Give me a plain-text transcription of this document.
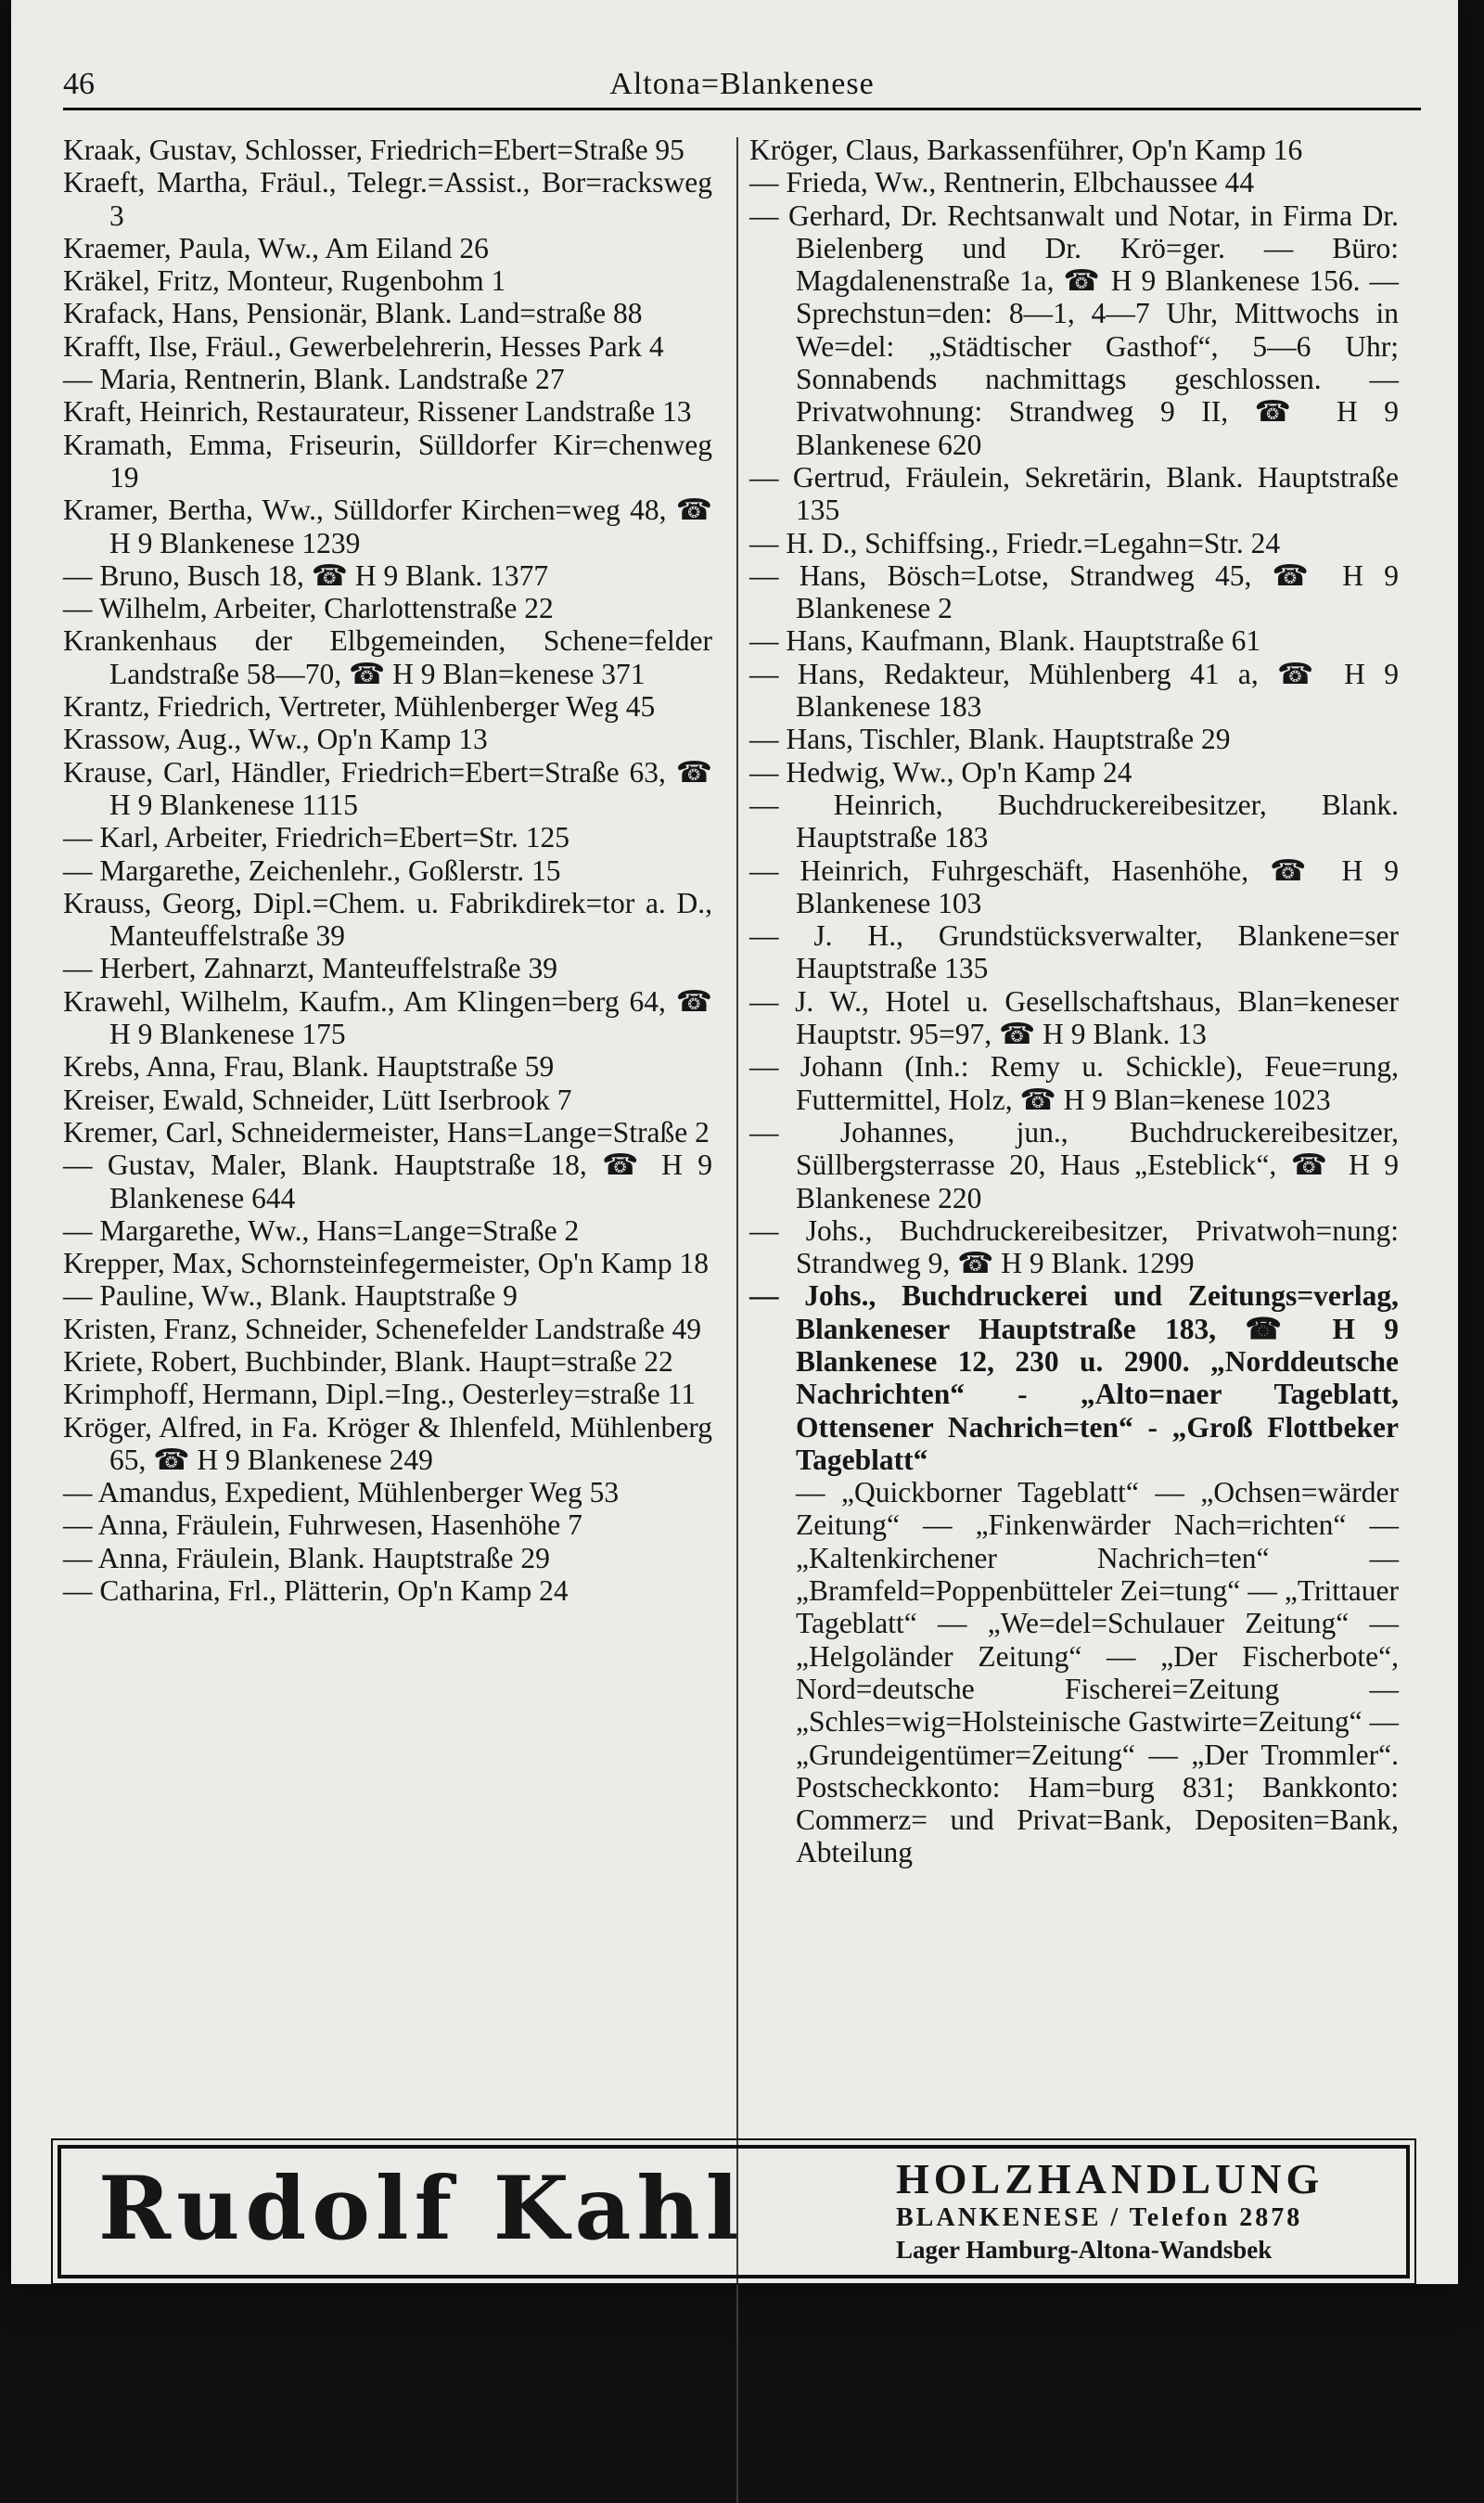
46	Altona=Blankenese

Kraak, Gustav, Schlosser, Friedrich=Ebert=Straße 95

Kraeft, Martha, Fräul., Telegr.=Assist., Bor=racksweg 3

Kraemer, Paula, Ww., Am Eiland 26

Kräkel, Fritz, Monteur, Rugenbohm 1

Krafack, Hans, Pensionär, Blank. Land=straße 88

Krafft, Ilse, Fräul., Gewerbelehrerin, Hesses Park 4

— Maria, Rentnerin, Blank. Landstraße 27

Kraft, Heinrich, Restaurateur, Rissener Landstraße 13

Kramath, Emma, Friseurin, Sülldorfer Kir=chenweg 19

Kramer, Bertha, Ww., Sülldorfer Kirchen=weg 48, ☎ H 9 Blankenese 1239

— Bruno, Busch 18, ☎ H 9 Blank. 1377

— Wilhelm, Arbeiter, Charlottenstraße 22

Krankenhaus der Elbgemeinden, Schene=felder Landstraße 58—70, ☎ H 9 Blan=kenese 371

Krantz, Friedrich, Vertreter, Mühlenberger Weg 45

Krassow, Aug., Ww., Op'n Kamp 13

Krause, Carl, Händler, Friedrich=Ebert=Straße 63, ☎ H 9 Blankenese 1115

— Karl, Arbeiter, Friedrich=Ebert=Str. 125

— Margarethe, Zeichenlehr., Goßlerstr. 15

Krauss, Georg, Dipl.=Chem. u. Fabrikdirek=tor a. D., Manteuffelstraße 39

— Herbert, Zahnarzt, Manteuffelstraße 39

Krawehl, Wilhelm, Kaufm., Am Klingen=berg 64, ☎ H 9 Blankenese 175

Krebs, Anna, Frau, Blank. Hauptstraße 59

Kreiser, Ewald, Schneider, Lütt Iserbrook 7

Kremer, Carl, Schneidermeister, Hans=Lange=Straße 2

— Gustav, Maler, Blank. Hauptstraße 18, ☎ H 9 Blankenese 644

— Margarethe, Ww., Hans=Lange=Straße 2

Krepper, Max, Schornsteinfegermeister, Op'n Kamp 18

— Pauline, Ww., Blank. Hauptstraße 9

Kristen, Franz, Schneider, Schenefelder Landstraße 49

Kriete, Robert, Buchbinder, Blank. Haupt=straße 22

Krimphoff, Hermann, Dipl.=Ing., Oesterley=straße 11

Kröger, Alfred, in Fa. Kröger & Ihlenfeld, Mühlenberg 65, ☎ H 9 Blankenese 249

— Amandus, Expedient, Mühlenberger Weg 53

— Anna, Fräulein, Fuhrwesen, Hasenhöhe 7

— Anna, Fräulein, Blank. Hauptstraße 29

— Catharina, Frl., Plätterin, Op'n Kamp 24

Kröger, Claus, Barkassenführer, Op'n Kamp 16

— Frieda, Ww., Rentnerin, Elbchaussee 44

— Gerhard, Dr. Rechtsanwalt und Notar, in Firma Dr. Bielenberg und Dr. Krö=ger. — Büro: Magdalenenstraße 1a, ☎ H 9 Blankenese 156. — Sprechstun=den: 8—1, 4—7 Uhr, Mittwochs in We=del: „Städtischer Gasthof“, 5—6 Uhr; Sonnabends nachmittags geschlossen. — Privatwohnung: Strandweg 9 II, ☎ H 9 Blankenese 620

— Gertrud, Fräulein, Sekretärin, Blank. Hauptstraße 135

— H. D., Schiffsing., Friedr.=Legahn=Str. 24

— Hans, Bösch=Lotse, Strandweg 45, ☎ H 9 Blankenese 2

— Hans, Kaufmann, Blank. Hauptstraße 61

— Hans, Redakteur, Mühlenberg 41 a, ☎ H 9 Blankenese 183

— Hans, Tischler, Blank. Hauptstraße 29

— Hedwig, Ww., Op'n Kamp 24

— Heinrich, Buchdruckereibesitzer, Blank. Hauptstraße 183

— Heinrich, Fuhrgeschäft, Hasenhöhe, ☎ H 9 Blankenese 103

— J. H., Grundstücksverwalter, Blankene=ser Hauptstraße 135

— J. W., Hotel u. Gesellschaftshaus, Blan=keneser Hauptstr. 95=97, ☎ H 9 Blank. 13

— Johann (Inh.: Remy u. Schickle), Feue=rung, Futtermittel, Holz, ☎ H 9 Blan=kenese 1023

— Johannes, jun., Buchdruckereibesitzer, Süllbergsterrasse 20, Haus „Esteblick“, ☎ H 9 Blankenese 220

— Johs., Buchdruckereibesitzer, Privatwoh=nung: Strandweg 9, ☎ H 9 Blank. 1299

— Johs., Buchdruckerei und Zeitungs=verlag, Blankeneser Hauptstraße 183, ☎ H 9 Blankenese 12, 230 u. 2900. „Norddeutsche Nachrichten“ - „Alto=naer Tageblatt, Ottensener Nachrich=ten“ - „Groß Flottbeker Tageblatt“

— „Quickborner Tageblatt“ — „Ochsen=wärder Zeitung“ — „Finkenwärder Nach=richten“ — „Kaltenkirchener Nachrich=ten“ — „Bramfeld=Poppenbütteler Zei=tung“ — „Trittauer Tageblatt“ — „We=del=Schulauer Zeitung“ — „Helgoländer Zeitung“ — „Der Fischerbote“, Nord=deutsche Fischerei=Zeitung — „Schles=wig=Holsteinische Gastwirte=Zeitung“ — „Grundeigentümer=Zeitung“ — „Der Trommler“. Postscheckkonto: Ham=burg 831; Bankkonto: Commerz= und Privat=Bank, Depositen=Bank, Abteilung

Rudolf Kahl	HOLZHANDLUNG
BLANKENESE / Telefon 2878
Lager Hamburg-Altona-Wandsbek
